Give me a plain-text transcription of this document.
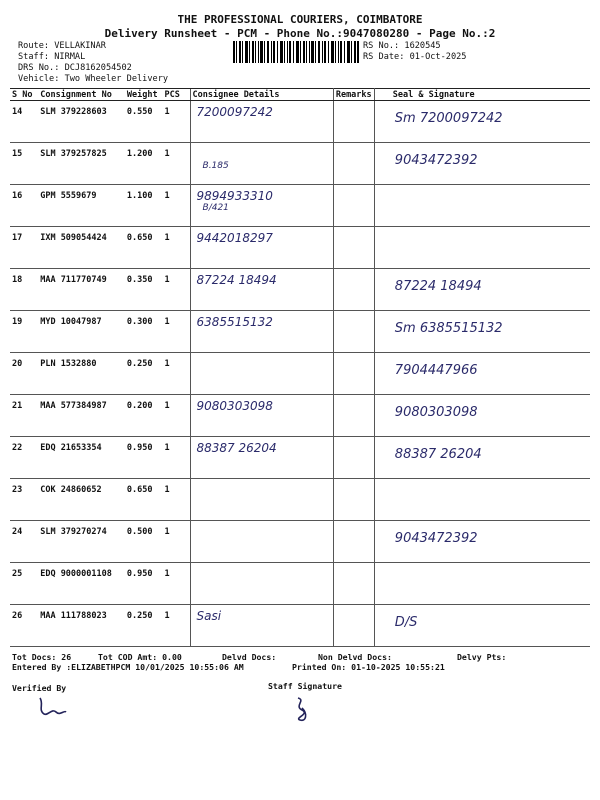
THE PROFESSIONAL COURIERS, COIMBATORE
Delivery Runsheet - PCM - Phone No.:9047080280 - Page No.:2
Route: VELLAKINAR
Staff: NIRMAL
DRS No.: DCJ8162054502
Vehicle: Two Wheeler Delivery
RS No.: 1620545
RS Date: 01-Oct-2025
S No	Consignment No	Weight	PCS	Consignee Details	Remarks	Seal & Signature
14	SLM 379228603	0.550	1	7200097242		Sm 7200097242

15	SLM 379257825	1.200	1	B.185		9043472392

16	GPM 5559679	1.100	1	9894933310
B/421		

17	IXM 509054424	0.650	1	9442018297		

18	MAA 711770749	0.350	1	87224 18494		87224 18494

19	MYD 10047987	0.300	1	6385515132		Sm 6385515132

20	PLN 1532880	0.250	1			7904447966

21	MAA 577384987	0.200	1	9080303098		9080303098

22	EDQ 21653354	0.950	1	88387 26204		88387 26204

23	COK 24860652	0.650	1	

24	SLM 379270274	0.500	1			9043472392

25	EDQ 9000001108	0.950	1	

26	MAA 111788023	0.250	1	Sasi		D/S
Tot Docs: 26	Tot COD Amt: 0.00	Delvd Docs:	Non Delvd Docs:	Delvy Pts:
Entered By :ELIZABETHPCM 10/01/2025 10:55:06 AM	Printed On: 01-10-2025 10:55:21
Verified By	Staff Signature
